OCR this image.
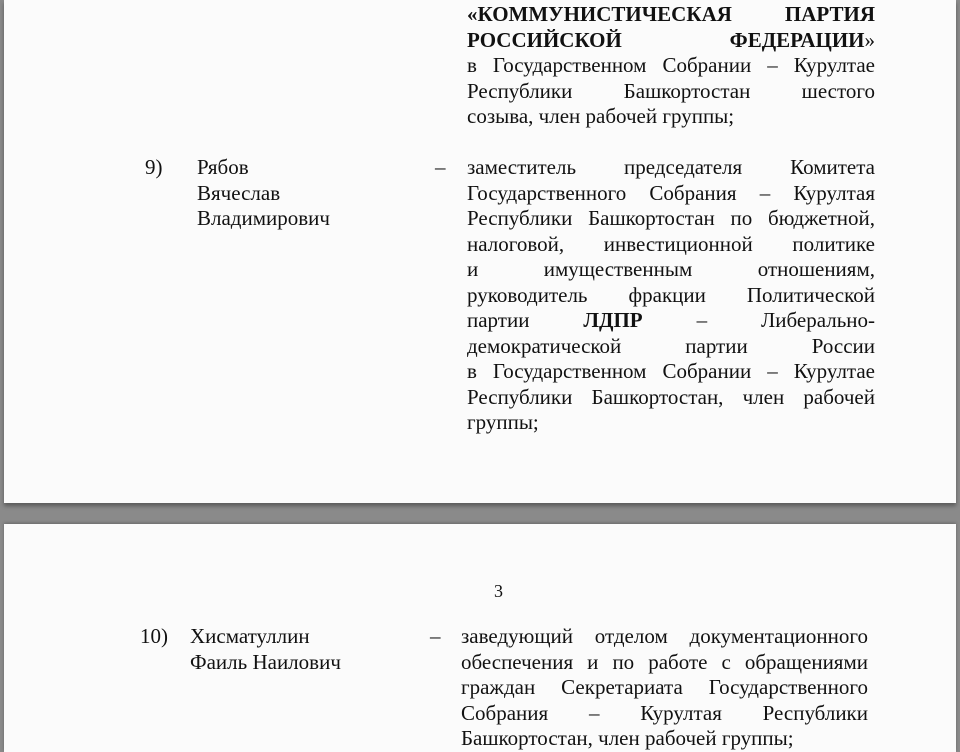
«КОММУНИСТИЧЕСКАЯ ПАРТИЯ
РОССИЙСКОЙ ФЕДЕРАЦИИ»
в Государственном Собрании – Курултае
Республики Башкортостан шестого
созыва, член рабочей группы;
9) Рябов
Вячеслав
Владимирович
– заместитель председателя Комитета
Государственного Собрания – Курултая
Республики Башкортостан по бюджетной,
налоговой, инвестиционной политике
и имущественным отношениям,
руководитель фракции Политической
партии ЛДПР – Либерально-
демократической партии России
в Государственном Собрании – Курултае
Республики Башкортостан, член рабочей
группы;
3
10) Хисматуллин
Фаиль Наилович
– заведующий отделом документационного
обеспечения и по работе с обращениями
граждан Секретариата Государственного
Собрания – Курултая Республики
Башкортостан, член рабочей группы;
